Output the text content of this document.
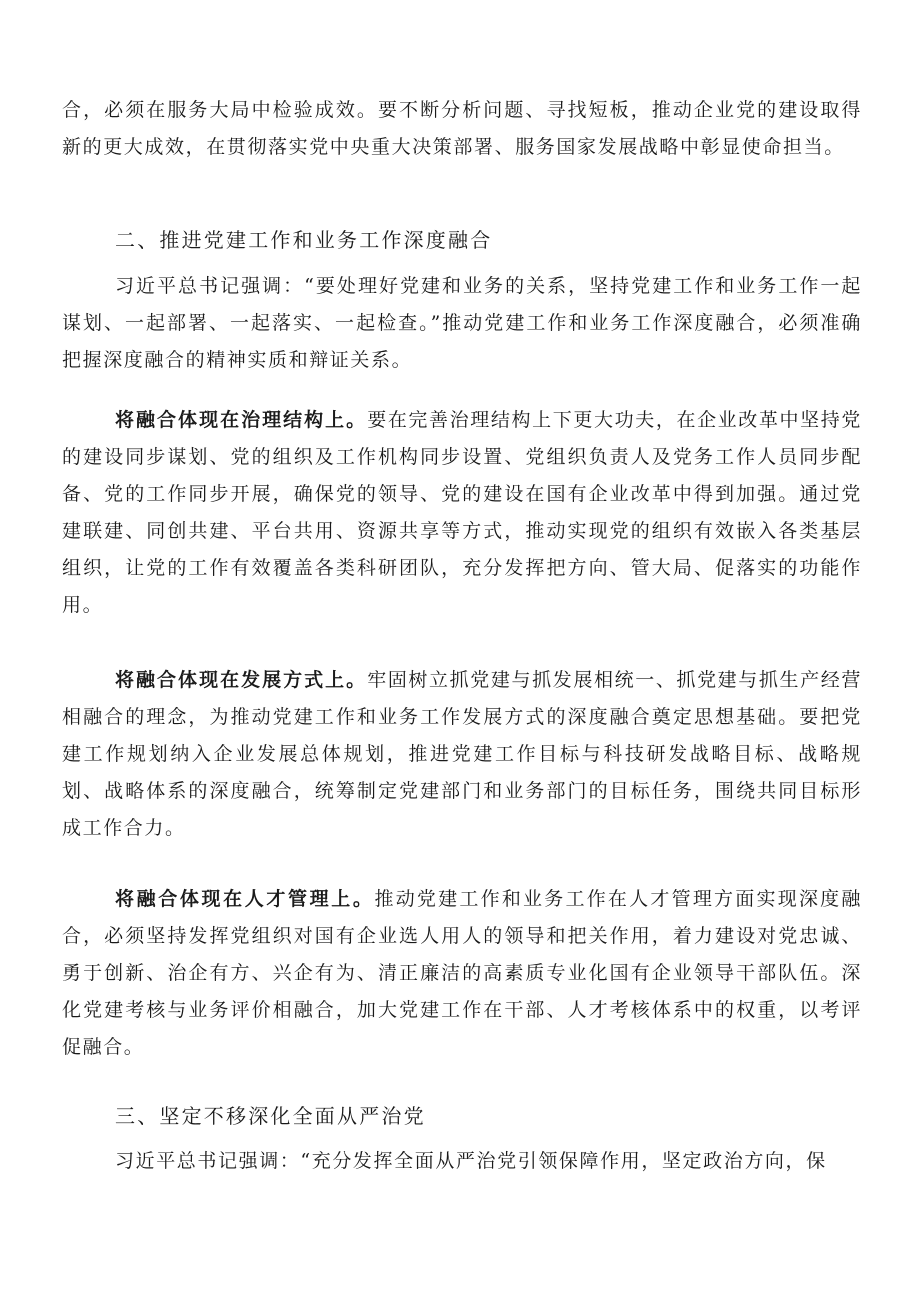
合，必须在服务大局中检验成效。要不断分析问题、寻找短板，推动企业党的建设取得新的更大成效，在贯彻落实党中央重大决策部署、服务国家发展战略中彰显使命担当。

二、推进党建工作和业务工作深度融合

习近平总书记强调：“要处理好党建和业务的关系，坚持党建工作和业务工作一起谋划、一起部署、一起落实、一起检查。”推动党建工作和业务工作深度融合，必须准确把握深度融合的精神实质和辩证关系。

将融合体现在治理结构上。要在完善治理结构上下更大功夫，在企业改革中坚持党的建设同步谋划、党的组织及工作机构同步设置、党组织负责人及党务工作人员同步配备、党的工作同步开展，确保党的领导、党的建设在国有企业改革中得到加强。通过党建联建、同创共建、平台共用、资源共享等方式，推动实现党的组织有效嵌入各类基层组织，让党的工作有效覆盖各类科研团队，充分发挥把方向、管大局、促落实的功能作用。

将融合体现在发展方式上。牢固树立抓党建与抓发展相统一、抓党建与抓生产经营相融合的理念，为推动党建工作和业务工作发展方式的深度融合奠定思想基础。要把党建工作规划纳入企业发展总体规划，推进党建工作目标与科技研发战略目标、战略规划、战略体系的深度融合，统筹制定党建部门和业务部门的目标任务，围绕共同目标形成工作合力。

将融合体现在人才管理上。推动党建工作和业务工作在人才管理方面实现深度融合，必须坚持发挥党组织对国有企业选人用人的领导和把关作用，着力建设对党忠诚、勇于创新、治企有方、兴企有为、清正廉洁的高素质专业化国有企业领导干部队伍。深化党建考核与业务评价相融合，加大党建工作在干部、人才考核体系中的权重，以考评促融合。

三、坚定不移深化全面从严治党

习近平总书记强调：“充分发挥全面从严治党引领保障作用，坚定政治方向，保
